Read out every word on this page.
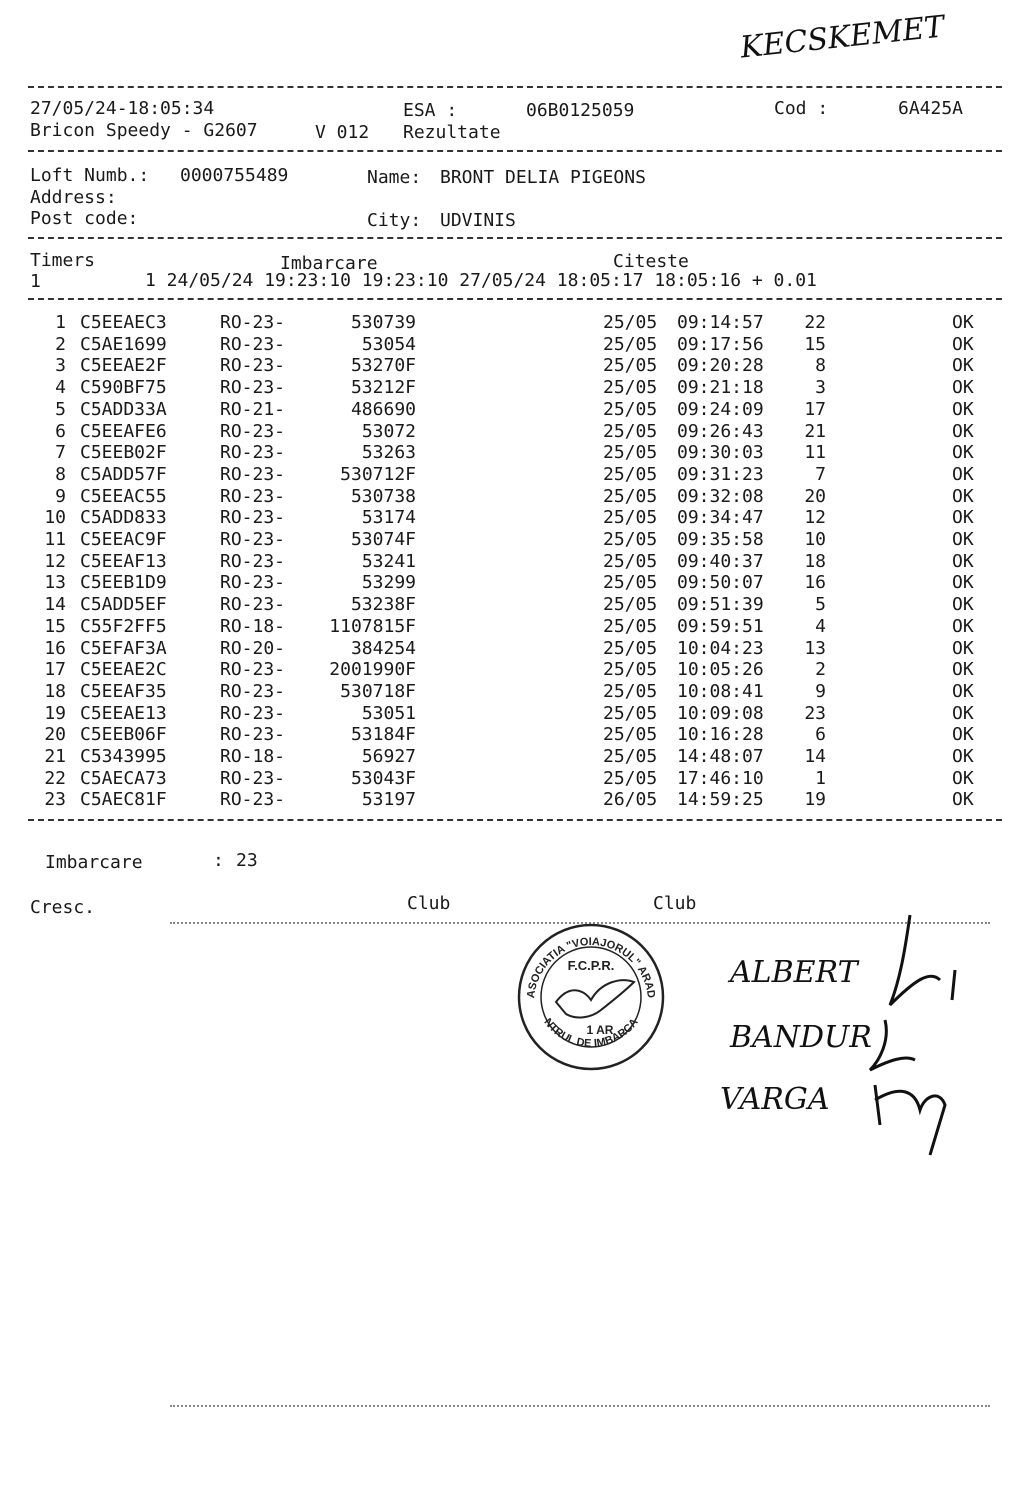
KECSKEMET
27/05/24-18:05:34	ESA :	06B0125059	Cod :	6A425A
Bricon Speedy - G2607	V 012 Rezultate
Loft Numb.: 0000755489	Name: BRONT DELIA PIGEONS
Address:
Post code:	City: UDVINIS
Timers	Imbarcare	Citeste
1	1 24/05/24 19:23:10 19:23:10 27/05/24 18:05:17 18:05:16 + 0.01
1 C5EEAEC3	RO-23-	530739	25/05 09:14:57	22	OK
2 C5AE1699	RO-23-	53054	25/05 09:17:56	15	OK
3 C5EEAE2F	RO-23-	53270F	25/05 09:20:28	8	OK
4 C590BF75	RO-23-	53212F	25/05 09:21:18	3	OK
5 C5ADD33A	RO-21-	486690	25/05 09:24:09	17	OK
6 C5EEAFE6	RO-23-	53072	25/05 09:26:43	21	OK
7 C5EEB02F	RO-23-	53263	25/05 09:30:03	11	OK
8 C5ADD57F	RO-23-	530712F	25/05 09:31:23	7	OK
9 C5EEAC55	RO-23-	530738	25/05 09:32:08	20	OK
10 C5ADD833	RO-23-	53174	25/05 09:34:47	12	OK
11 C5EEAC9F	RO-23-	53074F	25/05 09:35:58	10	OK
12 C5EEAF13	RO-23-	53241	25/05 09:40:37	18	OK
13 C5EEB1D9	RO-23-	53299	25/05 09:50:07	16	OK
14 C5ADD5EF	RO-23-	53238F	25/05 09:51:39	5	OK
15 C55F2FF5	RO-18-	1107815F	25/05 09:59:51	4	OK
16 C5EFAF3A	RO-20-	384254	25/05 10:04:23	13	OK
17 C5EEAE2C	RO-23-	2001990F	25/05 10:05:26	2	OK
18 C5EEAF35	RO-23-	530718F	25/05 10:08:41	9	OK
19 C5EEAE13	RO-23-	53051	25/05 10:09:08	23	OK
20 C5EEB06F	RO-23-	53184F	25/05 10:16:28	6	OK
21 C5343995	RO-18-	56927	25/05 14:48:07	14	OK
22 C5AECA73	RO-23-	53043F	25/05 17:46:10	1	OK
23 C5AEC81F	RO-23-	53197	26/05 14:59:25	19	OK
Imbarcare	: 23
Cresc.	Club	Club
ASOCIATIA "VOIAJORUL" ARAD
NTRUL DE IMBARCA
F.C.P.R.
1 AR
ALBERT
BANDUR
VARGA
